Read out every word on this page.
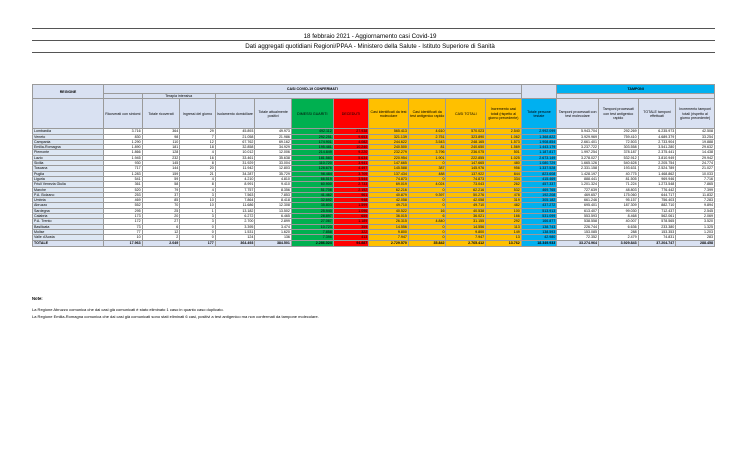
18 febbraio 2021 - Aggiornamento casi Covid-19
Dati aggregati quotidiani Regioni/PPAA - Ministero della Salute - Istituto Superiore di Sanità
REGIONE	CASI COVID-19 CONFERMATI												TAMPONI			
		Terapia intensiva														

	Ricoverati con sintomi	Totale ricoverati	Ingressi del giorno	Isolamento domiciliare	Totale attualmente positivi	DIMESSI GUARITI	DECEDUTI	Casi identificati da test molecolare	Casi identificati da test antigenico rapido	CASI TOTALI	Incremento casi totali (rispetto al giorno precedente)	Totale persone testate	Tamponi processati con test molecolare	Tamponi processati con test antigenico rapido	TOTALE tamponi effettuati	Incremento tamponi totali (rispetto al giorno precedente)
Lombardia	3.716	364	29	45.893	49.973	492.112	27.938	565.413	4.610	570.023	2.540	2.992.099	5.943.704	292.269	6.235.973	42.508
Veneto	830	98	7	21.058	21.986	292.251	9.653	321.139	2.751	323.890	1.062	1.368.822	3.929.969	759.410	4.689.379	33.254
Campania	1.290	110	12	67.762	69.162	174.901	4.082	244.622	3.543	248.165	1.573	1.908.854	2.661.401	72.503	2.733.904	19.888
Emilia-Romagna	1.890	181	18	32.858	34.929	195.481	10.240	240.500	81	240.650	1.569	1.443.179	3.237.722	303.558	3.541.280	29.632
Piemonte	1.866	128	4	10.012	12.006	214.849	9.220	232.279	3.796	236.075	501	1.187.817	1.997.254	378.187	2.375.441	14.438
Lazio	1.945	232	16	33.461	35.638	181.583	5.634	220.954	1.901	222.855	1.025	2.673.149	3.278.027	532.912	3.810.949	29.942
Sicilia	930	145	8	31.929	33.004	110.720	3.941	147.665	0	147.665	480	1.080.729	1.665.126	540.628	2.205.754	24.774
Toscana	717	144	20	11.942	12.803	128.676	4.497	145.588	387	145.976	956	1.337.528	2.331.158	193.631	2.524.789	21.027
Puglia	1.283	159	21	34.287	35.729	98.484	3.709	137.434	488	137.922	844	823.608	1.428.197	40.775	1.468.862	10.033
Liguria	541	59	4	4.210	4.810	66.519	3.544	74.873	0	74.873	334	415.469	888.441	81.505	969.946	7.716
Friuli Venezia Giulia	361	58	8	8.991	9.410	60.900	2.733	69.019	4.024	73.043	262	457.337	1.201.324	71.224	1.273.548	7.865
Marche	520	79	4	7.757	8.356	51.708	2.152	62.216	0	62.216	532	469.765	727.639	48.803	776.442	7.399
P.A. Bolzano	253	37	3	7.563	7.853	41.462	961	40.879	9.397	50.276	478	192.208	469.657	175.060	644.717	11.832
Umbria	469	85	10	7.864	8.418	32.692	948	42.058	0	42.058	319	305.182	661.246	95.157	756.403	7.283
Abruzzo	552	70	10	11.686	12.308	35.803	1.599	49.710	0	49.710	482	437.272	695.401	187.309	882.710	9.894
Sardegna	295	25	1	13.182	13.502	25.940	1.096	40.522	16	40.538	100	513.913	613.407	99.030	712.437	2.545
Calabria	173	20	3	6.272	6.465	28.897	659	36.015	6	36.021	166	531.099	553.593	8.468	562.061	2.069
P.A. Trento	172	27	3	2.700	2.899	27.067	1.189	26.315	4.840	31.155	292	166.877	538.558	40.007	578.565	3.520
Basilicata	73	6	0	3.395	3.474	10.723	359	14.556	0	14.556	113	138.743	226.744	6.636	233.380	1.325
Molise	77	12	0	1.531	1.620	7.858	322	9.800	0	9.800	149	138.593	153.085	288	153.353	1.203
Valle d'Aosta	10	2	0	124	136	7.398	413	7.947	0	7.947	13	42.980	72.352	2.479	74.831	283
TOTALE	17.963	2.049	177	364.493	384.501	2.286.024	94.887	2.729.570	35.842	2.765.412	13.762	18.349.933	33.274.964	3.929.843	37.204.747	288.458
Note:
La Regione Abruzzo comunica che dai casi già comunicati è stato eliminato 1 caso in quanto caso duplicato.
La Regione Emilia-Romagna comunica che dai casi già comunicati sono stati eliminati 6 casi, positivi a test antigenico ma non confermati da tampone molecolare.
